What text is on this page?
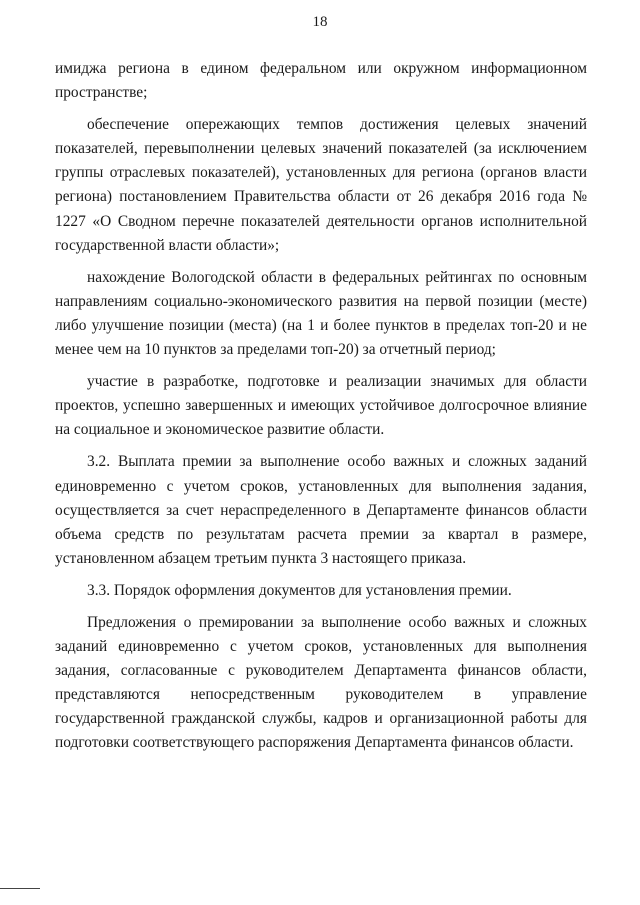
18

имиджа региона в едином федеральном или окружном информационном пространстве;

обеспечение опережающих темпов достижения целевых значений показателей, перевыполнении целевых значений показателей (за исключением группы отраслевых показателей), установленных для региона (органов власти региона) постановлением Правительства области от 26 декабря 2016 года № 1227 «О Сводном перечне показателей деятельности органов исполнительной государственной власти области»;

нахождение Вологодской области в федеральных рейтингах по основным направлениям социально-экономического развития на первой позиции (месте) либо улучшение позиции (места) (на 1 и более пунктов в пределах топ-20 и не менее чем на 10 пунктов за пределами топ-20) за отчетный период;

участие в разработке, подготовке и реализации значимых для области проектов, успешно завершенных и имеющих устойчивое долгосрочное влияние на социальное и экономическое развитие области.

3.2. Выплата премии за выполнение особо важных и сложных заданий единовременно с учетом сроков, установленных для выполнения задания, осуществляется за счет нераспределенного в Департаменте финансов области объема средств по результатам расчета премии за квартал в размере, установленном абзацем третьим пункта 3 настоящего приказа.

3.3. Порядок оформления документов для установления премии.

Предложения о премировании за выполнение особо важных и сложных заданий единовременно с учетом сроков, установленных для выполнения задания, согласованные с руководителем Департамента финансов области, представляются непосредственным руководителем в управление государственной гражданской службы, кадров и организационной работы для подготовки соответствующего распоряжения Департамента финансов области.
